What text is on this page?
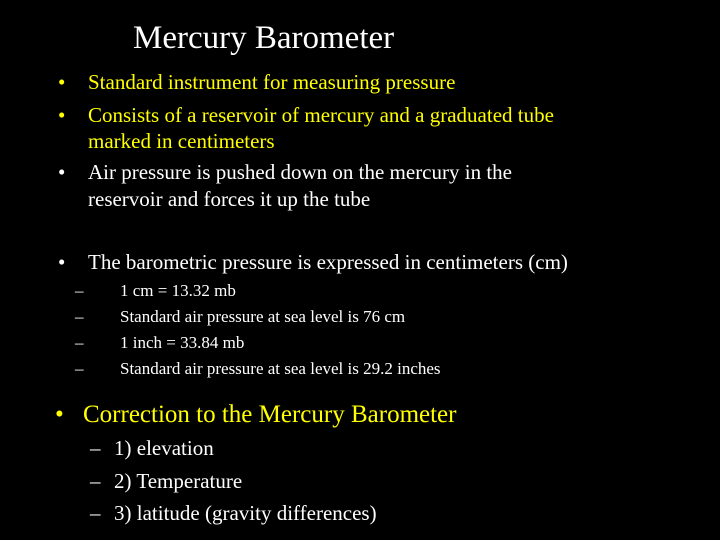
Mercury Barometer
• Standard instrument for measuring pressure
• Consists of a reservoir of mercury and a graduated tube
marked in centimeters
• Air pressure is pushed down on the mercury in the
reservoir and forces it up the tube
• The barometric pressure is expressed in centimeters (cm)
– 1 cm = 13.32 mb
– Standard air pressure at sea level is 76 cm
– 1 inch = 33.84 mb
– Standard air pressure at sea level is 29.2 inches
• Correction to the Mercury Barometer
– 1) elevation
– 2) Temperature
– 3) latitude (gravity differences)
